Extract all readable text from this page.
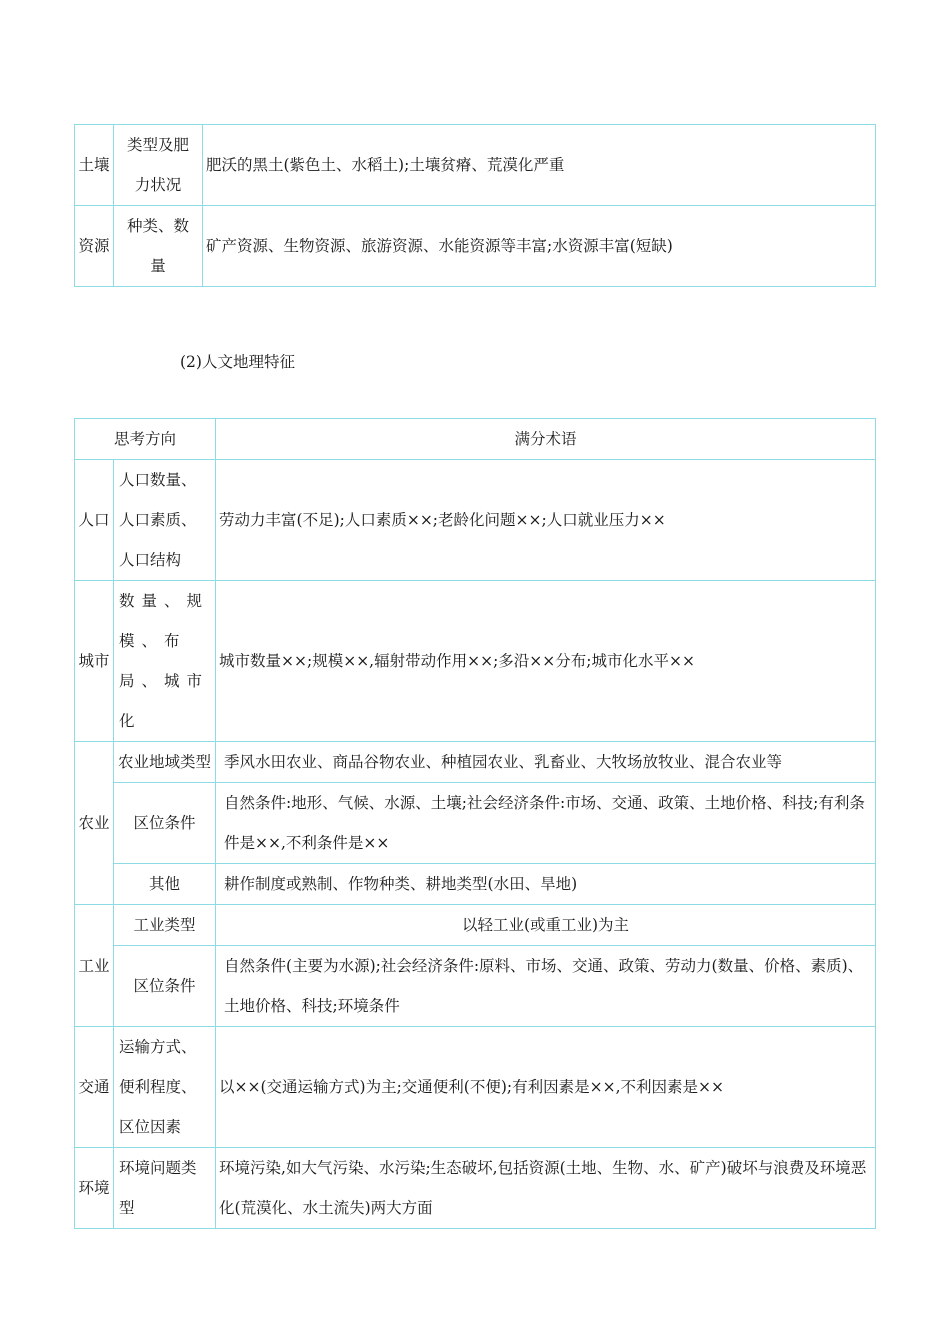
土壤	类型及肥力状况	肥沃的黑土(紫色土、水稻土);土壤贫瘠、荒漠化严重
资源	种类、数量	矿产资源、生物资源、旅游资源、水能资源等丰富;水资源丰富(短缺)
(2)人文地理特征
思考方向		满分术语
人口	人口数量、人口素质、人口结构	劳动力丰富(不足);人口素质××;老龄化问题××;人口就业压力××
城市	数量、规模、布局、城市化	城市数量××;规模××,辐射带动作用××;多沿××分布;城市化水平××
农业	农业地域类型	季风水田农业、商品谷物农业、种植园农业、乳畜业、大牧场放牧业、混合农业等
	区位条件	自然条件:地形、气候、水源、土壤;社会经济条件:市场、交通、政策、土地价格、科技;有利条件是××,不利条件是××
	其他	耕作制度或熟制、作物种类、耕地类型(水田、旱地)
工业	工业类型	以轻工业(或重工业)为主
	区位条件	自然条件(主要为水源);社会经济条件:原料、市场、交通、政策、劳动力(数量、价格、素质)、土地价格、科技;环境条件
交通	运输方式、便利程度、区位因素	以××(交通运输方式)为主;交通便利(不便);有利因素是××,不利因素是××
环境	环境问题类型	环境污染,如大气污染、水污染;生态破坏,包括资源(土地、生物、水、矿产)破坏与浪费及环境恶化(荒漠化、水土流失)两大方面
